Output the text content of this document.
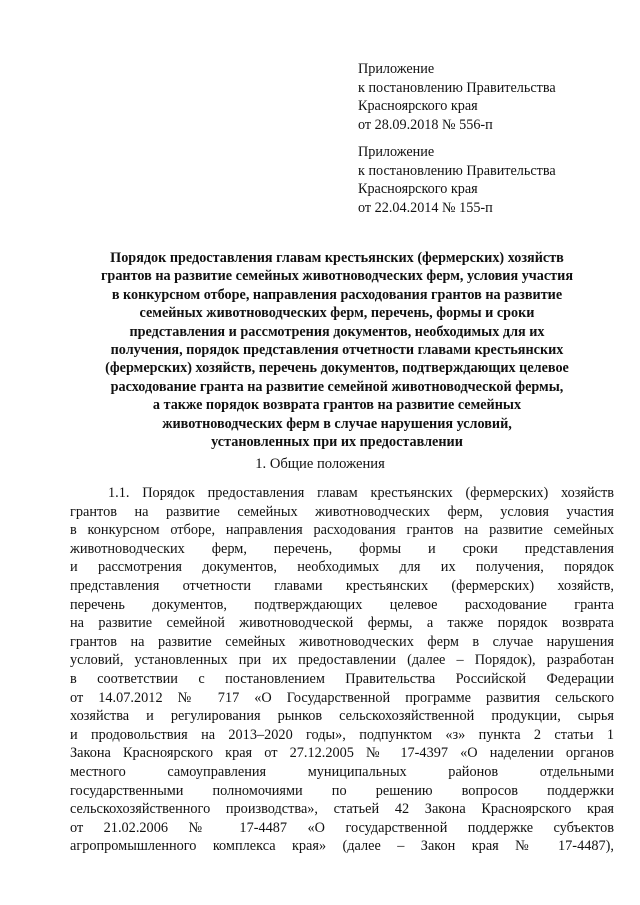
Приложение
к постановлению Правительства
Красноярского края
от 28.09.2018 № 556-п
Приложение
к постановлению Правительства
Красноярского края
от 22.04.2014 № 155-п
Порядок предоставления главам крестьянских (фермерских) хозяйств
грантов на развитие семейных животноводческих ферм, условия участия
в конкурсном отборе, направления расходования грантов на развитие
семейных животноводческих ферм, перечень, формы и сроки
представления и рассмотрения документов, необходимых для их
получения, порядок представления отчетности главами крестьянских
(фермерских) хозяйств, перечень документов, подтверждающих целевое
расходование гранта на развитие семейной животноводческой фермы,
а также порядок возврата грантов на развитие семейных
животноводческих ферм в случае нарушения условий,
установленных при их предоставлении
1. Общие положения
1.1. Порядок предоставления главам крестьянских (фермерских) хозяйств
грантов на развитие семейных животноводческих ферм, условия участия
в конкурсном отборе, направления расходования грантов на развитие семейных
животноводческих ферм, перечень, формы и сроки представления
и рассмотрения документов, необходимых для их получения, порядок
представления отчетности главами крестьянских (фермерских) хозяйств,
перечень документов, подтверждающих целевое расходование гранта
на развитие семейной животноводческой фермы, а также порядок возврата
грантов на развитие семейных животноводческих ферм в случае нарушения
условий, установленных при их предоставлении (далее – Порядок), разработан
в соответствии с постановлением Правительства Российской Федерации
от 14.07.2012 № 717 «О Государственной программе развития сельского
хозяйства и регулирования рынков сельскохозяйственной продукции, сырья
и продовольствия на 2013–2020 годы», подпунктом «з» пункта 2 статьи 1
Закона Красноярского края от 27.12.2005 № 17-4397 «О наделении органов
местного самоуправления муниципальных районов отдельными
государственными полномочиями по решению вопросов поддержки
сельскохозяйственного производства», статьей 42 Закона Красноярского края
от 21.02.2006 № 17-4487 «О государственной поддержке субъектов
агропромышленного комплекса края» (далее – Закон края № 17-4487),
